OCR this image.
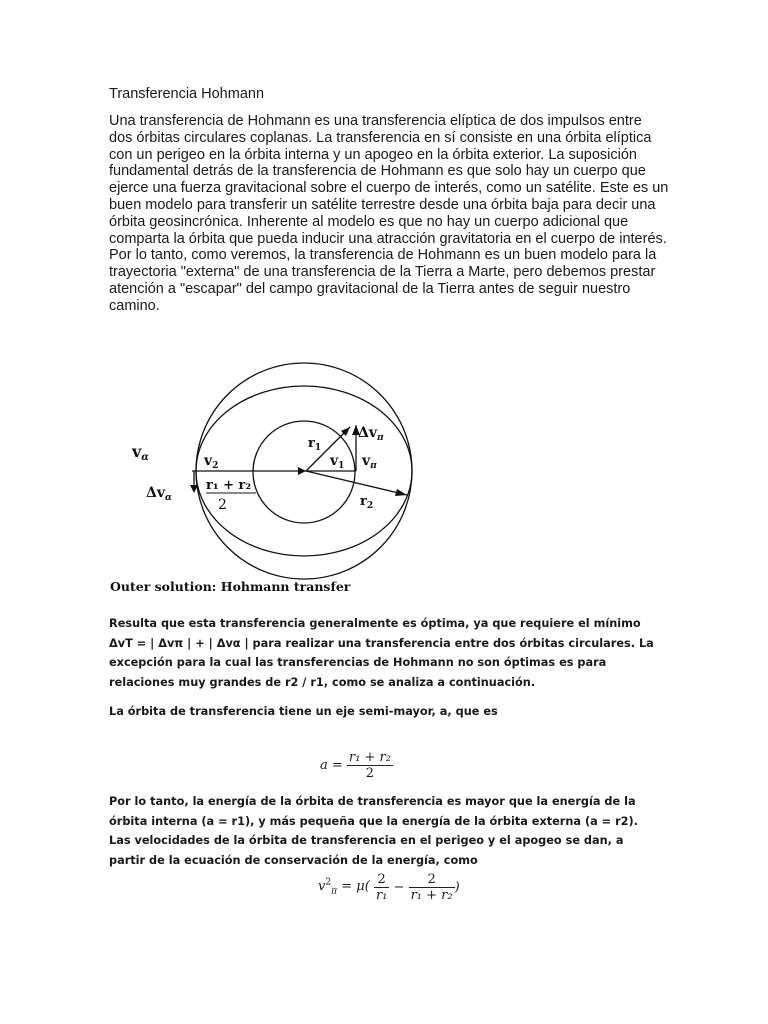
Transferencia Hohmann

Una transferencia de Hohmann es una transferencia elíptica de dos impulsos entre dos órbitas circulares coplanas. La transferencia en sí consiste en una órbita elíptica con un perigeo en la órbita interna y un apogeo en la órbita exterior. La suposición fundamental detrás de la transferencia de Hohmann es que solo hay un cuerpo que ejerce una fuerza gravitacional sobre el cuerpo de interés, como un satélite. Este es un buen modelo para transferir un satélite terrestre desde una órbita baja para decir una órbita geosincrónica. Inherente al modelo es que no hay un cuerpo adicional que comparta la órbita que pueda inducir una atracción gravitatoria en el cuerpo de interés. Por lo tanto, como veremos, la transferencia de Hohmann es un buen modelo para la trayectoria "externa" de una transferencia de la Tierra a Marte, pero debemos prestar atención a "escapar" del campo gravitacional de la Tierra antes de seguir nuestro camino.

vα	$v_2$
$\Delta v_\alpha$
r₁ + r₂
2
$r_1$
$v_1$
$\Delta v_\pi$
$v_\pi$
$r_2$
Outer solution: Hohmann transfer

Resulta que esta transferencia generalmente es óptima, ya que requiere el mínimo ΔvT = | Δvπ | + | Δvα | para realizar una transferencia entre dos órbitas circulares. La excepción para la cual las transferencias de Hohmann no son óptimas es para relaciones muy grandes de r2 / r1, como se analiza a continuación.

La órbita de transferencia tiene un eje semi-mayor, a, que es

$a = \frac{\text{r₁ + r₂}}{2}$

Por lo tanto, la energía de la órbita de transferencia es mayor que la energía de la órbita interna (a = r1), y más pequeña que la energía de la órbita externa (a = r2). Las velocidades de la órbita de transferencia en el perigeo y el apogeo se dan, a partir de la ecuación de conservación de la energía, como

$v^2_\pi = \mu( \frac{2}{\text{r₁}} - \frac{2}{\text{r₁ + r₂}}$ )
